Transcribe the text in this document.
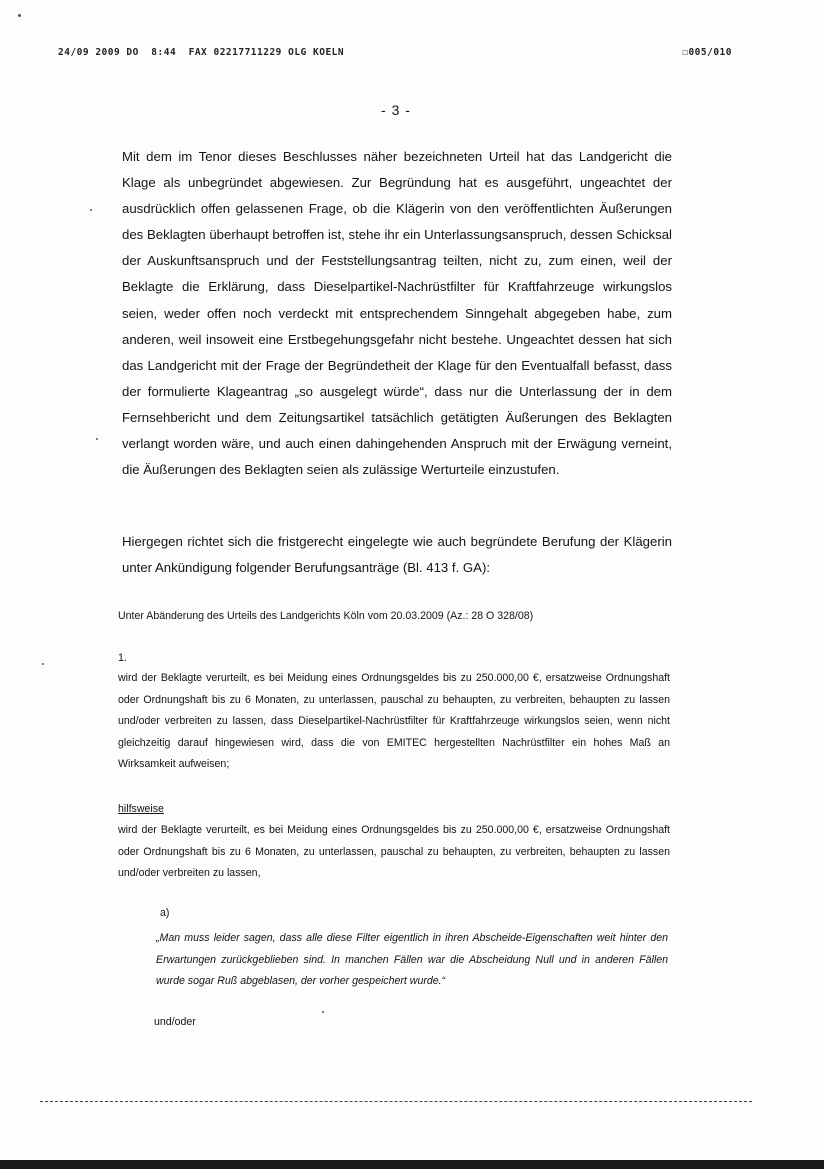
24/09 2009 DO  8:44  FAX 02217711229 OLG KOELN	☐005/010
- 3 -

Mit dem im Tenor dieses Beschlusses näher bezeichneten Urteil hat das Landgericht die Klage als unbegründet abgewiesen. Zur Begründung hat es ausgeführt, ungeachtet der ausdrücklich offen gelassenen Frage, ob die Klägerin von den veröffentlichten Äußerungen des Beklagten überhaupt betroffen ist, stehe ihr ein Unterlassungsanspruch, dessen Schicksal der Auskunftsanspruch und der Feststellungsantrag teilten, nicht zu, zum einen, weil der Beklagte die Erklärung, dass Dieselpartikel-Nachrüstfilter für Kraftfahrzeuge wirkungslos seien, weder offen noch verdeckt mit entsprechendem Sinngehalt abgegeben habe, zum anderen, weil insoweit eine Erstbegehungsgefahr nicht bestehe. Ungeachtet dessen hat sich das Landgericht mit der Frage der Begründetheit der Klage für den Eventualfall befasst, dass der formulierte Klageantrag „so ausgelegt würde“, dass nur die Unterlassung der in dem Fernsehbericht und dem Zeitungsartikel tatsächlich getätigten Äußerungen des Beklagten verlangt worden wäre, und auch einen dahingehenden Anspruch mit der Erwägung verneint, die Äußerungen des Beklagten seien als zulässige Werturteile einzustufen.

Hiergegen richtet sich die fristgerecht eingelegte wie auch begründete Berufung der Klägerin unter Ankündigung folgender Berufungsanträge (Bl. 413 f. GA):

Unter Abänderung des Urteils des Landgerichts Köln vom 20.03.2009 (Az.: 28 O 328/08)

1.

wird der Beklagte verurteilt, es bei Meidung eines Ordnungsgeldes bis zu 250.000,00 €, ersatzweise Ordnungshaft oder Ordnungshaft bis zu 6 Monaten, zu unterlassen, pauschal zu behaupten, zu verbreiten, behaupten zu lassen und/oder verbreiten zu lassen, dass Dieselpartikel-Nachrüstfilter für Kraftfahrzeuge wirkungslos seien, wenn nicht gleichzeitig darauf hingewiesen wird, dass die von EMITEC hergestellten Nachrüstfilter ein hohes Maß an Wirksamkeit aufweisen;

hilfsweise

wird der Beklagte verurteilt, es bei Meidung eines Ordnungsgeldes bis zu 250.000,00 €, ersatzweise Ordnungshaft oder Ordnungshaft bis zu 6 Monaten, zu unterlassen, pauschal zu behaupten, zu verbreiten, behaupten zu lassen und/oder verbreiten zu lassen,

a)

„Man muss leider sagen, dass alle diese Filter eigentlich in ihren Abscheide-Eigenschaften weit hinter den Erwartungen zurückgeblieben sind. In manchen Fällen war die Abscheidung Null und in anderen Fällen wurde sogar Ruß abgeblasen, der vorher gespeichert wurde.“

und/oder
